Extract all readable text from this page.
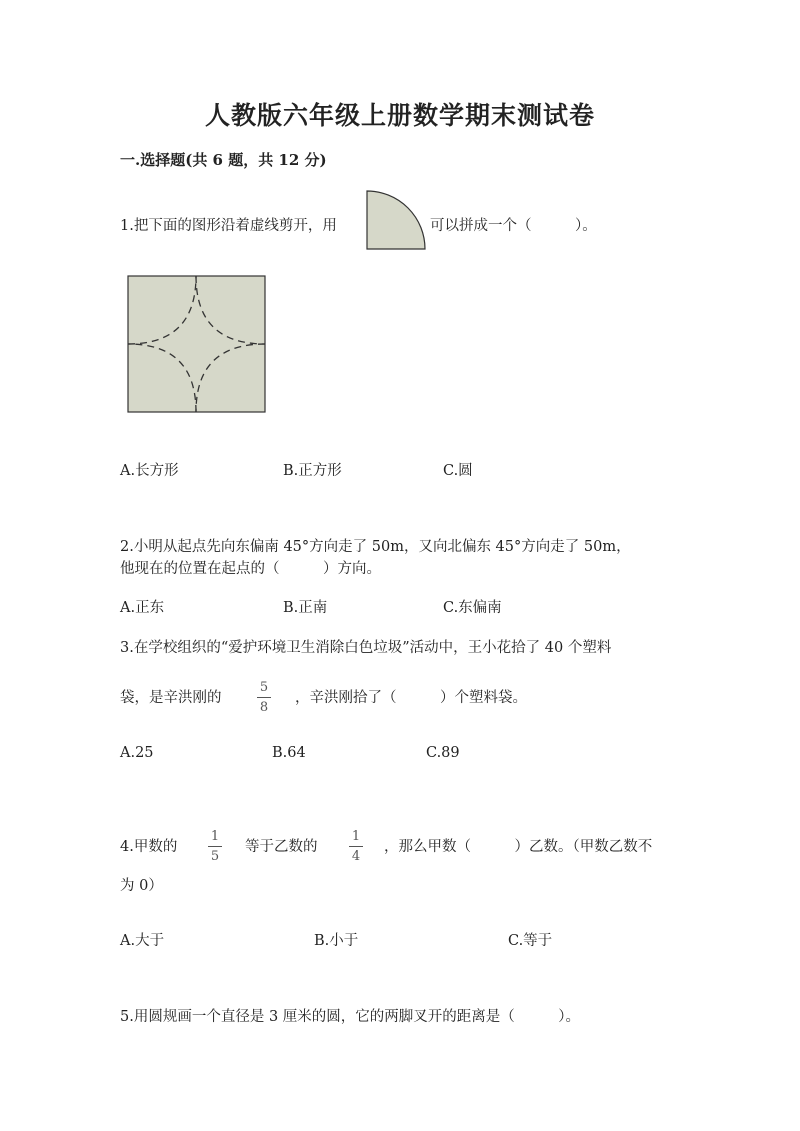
人教版六年级上册数学期末测试卷
一.选择题(共 6 题，共 12 分)
1.把下面的图形沿着虚线剪开，用	可以拼成一个（　　　）。
A.长方形	B.正方形	C.圆
2.小明从起点先向东偏南 45°方向走了 50m，又向北偏东 45°方向走了 50m，
他现在的位置在起点的（　　　）方向。
A.正东	B.正南	C.东偏南
3.在学校组织的“爱护环境卫生消除白色垃圾”活动中，王小花拾了 40 个塑料
袋，是辛洪刚的
5
8
，辛洪刚拾了（　　　）个塑料袋。
A.25	B.64	C.89
4.甲数的
1
5
等于乙数的
1
4
，那么甲数（　　　）乙数。（甲数乙数不
为 0）
A.大于	B.小于	C.等于
5.用圆规画一个直径是 3 厘米的圆，它的两脚叉开的距离是（　　　）。
